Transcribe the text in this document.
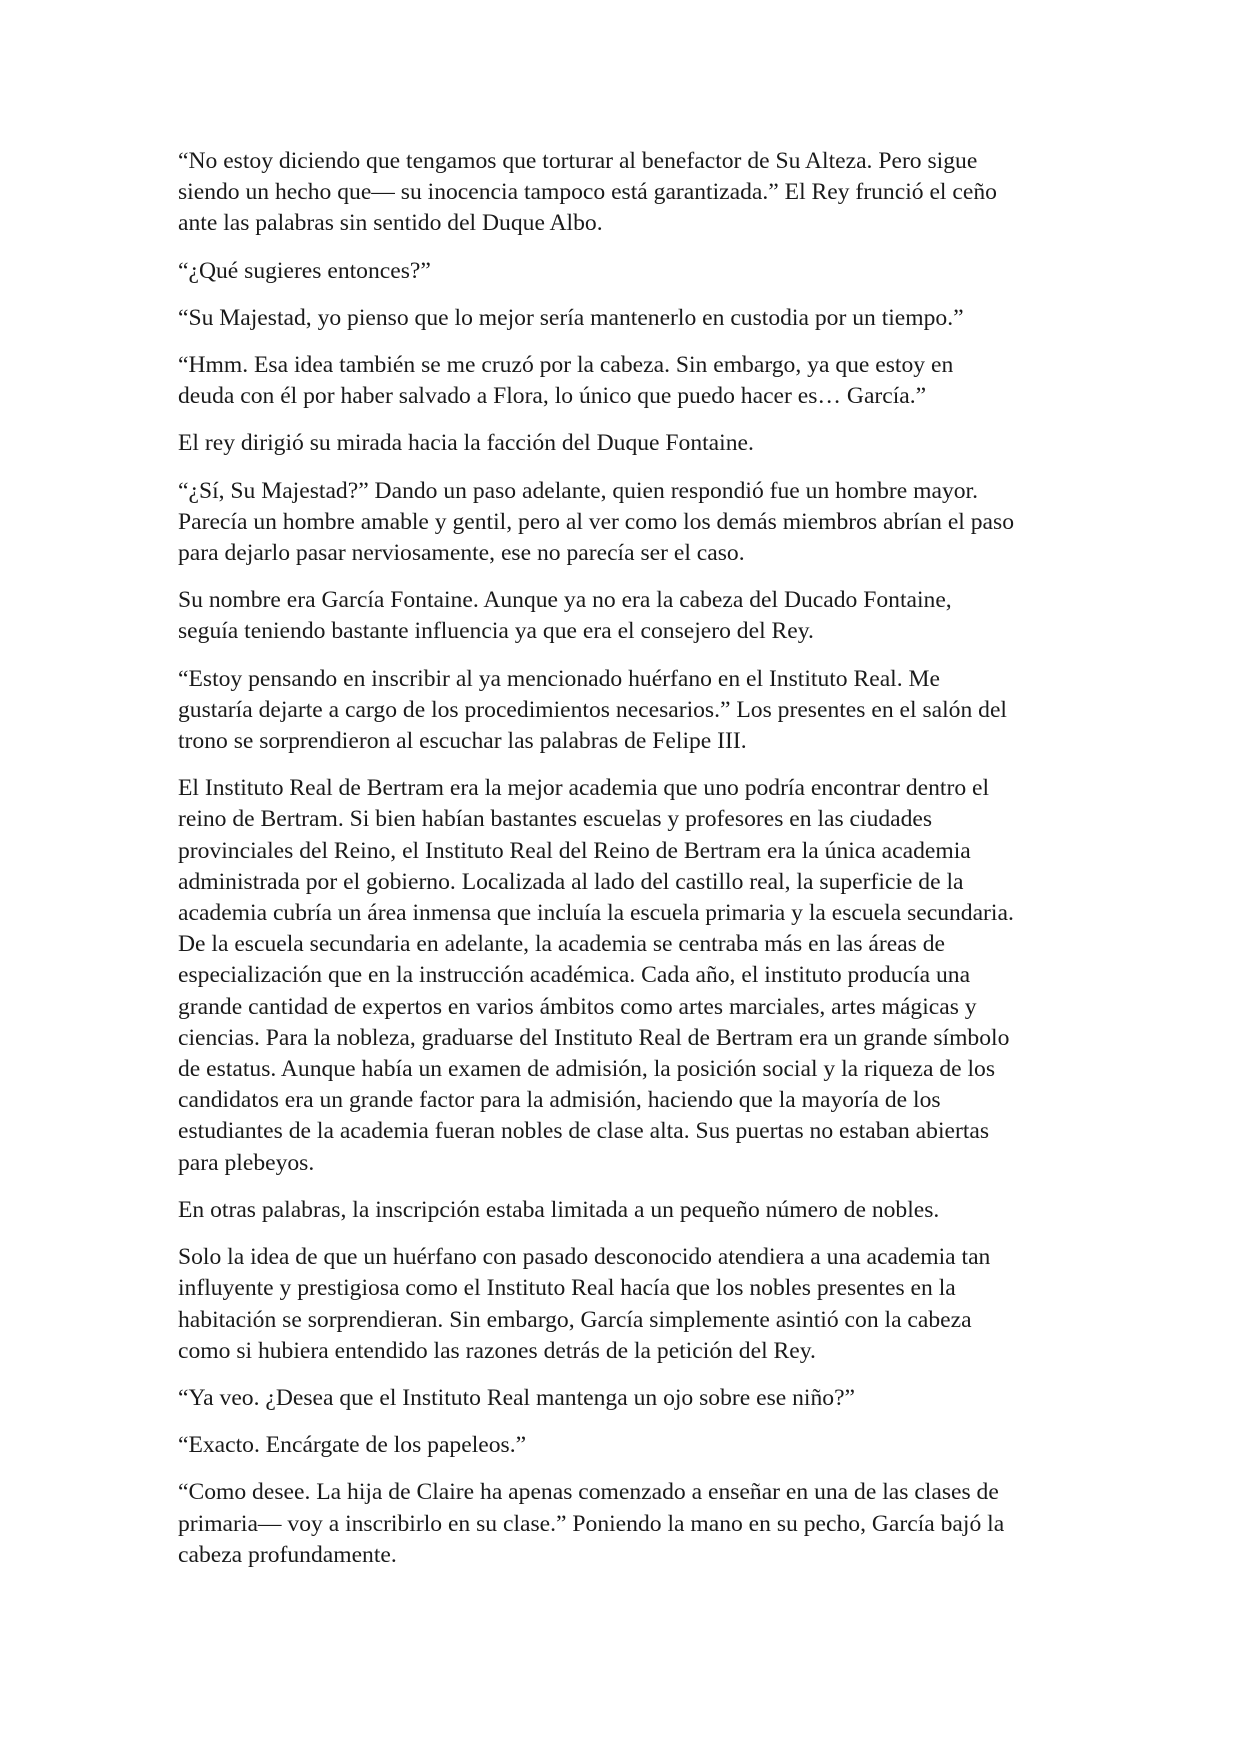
“No estoy diciendo que tengamos que torturar al benefactor de Su Alteza. Pero sigue
siendo un hecho que— su inocencia tampoco está garantizada.” El Rey frunció el ceño
ante las palabras sin sentido del Duque Albo.

“¿Qué sugieres entonces?”

“Su Majestad, yo pienso que lo mejor sería mantenerlo en custodia por un tiempo.”

“Hmm. Esa idea también se me cruzó por la cabeza. Sin embargo, ya que estoy en
deuda con él por haber salvado a Flora, lo único que puedo hacer es… García.”

El rey dirigió su mirada hacia la facción del Duque Fontaine.

“¿Sí, Su Majestad?” Dando un paso adelante, quien respondió fue un hombre mayor.
Parecía un hombre amable y gentil, pero al ver como los demás miembros abrían el paso
para dejarlo pasar nerviosamente, ese no parecía ser el caso.

Su nombre era García Fontaine. Aunque ya no era la cabeza del Ducado Fontaine,
seguía teniendo bastante influencia ya que era el consejero del Rey.

“Estoy pensando en inscribir al ya mencionado huérfano en el Instituto Real. Me
gustaría dejarte a cargo de los procedimientos necesarios.” Los presentes en el salón del
trono se sorprendieron al escuchar las palabras de Felipe III.

El Instituto Real de Bertram era la mejor academia que uno podría encontrar dentro el
reino de Bertram. Si bien habían bastantes escuelas y profesores en las ciudades
provinciales del Reino, el Instituto Real del Reino de Bertram era la única academia
administrada por el gobierno. Localizada al lado del castillo real, la superficie de la
academia cubría un área inmensa que incluía la escuela primaria y la escuela secundaria.
De la escuela secundaria en adelante, la academia se centraba más en las áreas de
especialización que en la instrucción académica. Cada año, el instituto producía una
grande cantidad de expertos en varios ámbitos como artes marciales, artes mágicas y
ciencias. Para la nobleza, graduarse del Instituto Real de Bertram era un grande símbolo
de estatus. Aunque había un examen de admisión, la posición social y la riqueza de los
candidatos era un grande factor para la admisión, haciendo que la mayoría de los
estudiantes de la academia fueran nobles de clase alta. Sus puertas no estaban abiertas
para plebeyos.

En otras palabras, la inscripción estaba limitada a un pequeño número de nobles.

Solo la idea de que un huérfano con pasado desconocido atendiera a una academia tan
influyente y prestigiosa como el Instituto Real hacía que los nobles presentes en la
habitación se sorprendieran. Sin embargo, García simplemente asintió con la cabeza
como si hubiera entendido las razones detrás de la petición del Rey.

“Ya veo. ¿Desea que el Instituto Real mantenga un ojo sobre ese niño?”

“Exacto. Encárgate de los papeleos.”

“Como desee. La hija de Claire ha apenas comenzado a enseñar en una de las clases de
primaria— voy a inscribirlo en su clase.” Poniendo la mano en su pecho, García bajó la
cabeza profundamente.
